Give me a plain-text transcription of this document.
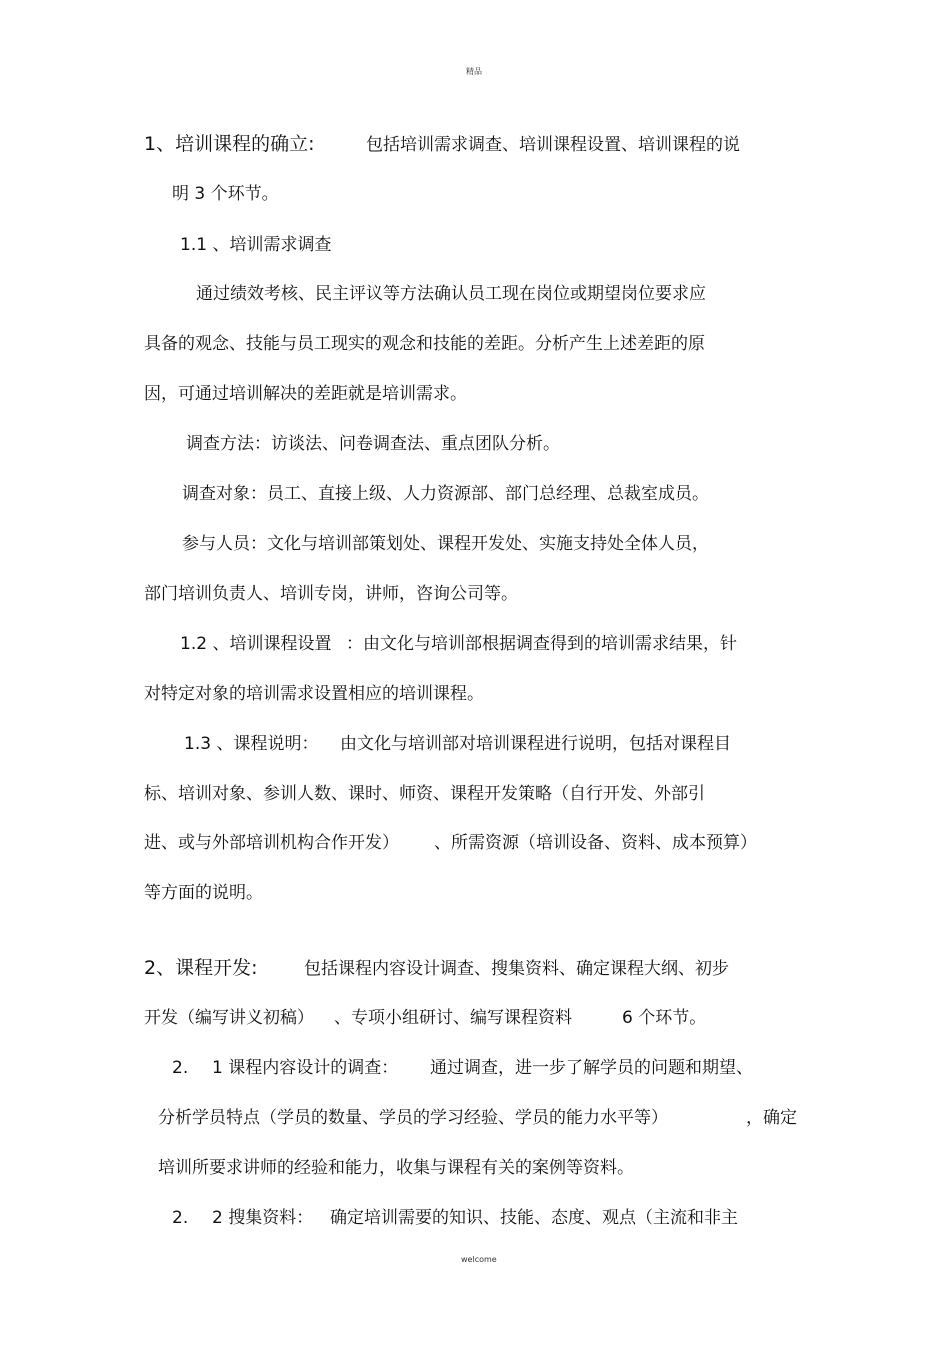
精品
1、培训课程的确立:	包括培训需求调查、培训课程设置、培训课程的说
明 3 个环节。
1.1 、培训需求调查
通过绩效考核、民主评议等方法确认员工现在岗位或期望岗位要求应
具备的观念、技能与员工现实的观念和技能的差距。分析产生上述差距的原
因，可通过培训解决的差距就是培训需求。
调查方法：访谈法、问卷调查法、重点团队分析。
调查对象：员工、直接上级、人力资源部、部门总经理、总裁室成员。
参与人员：文化与培训部策划处、课程开发处、实施支持处全体人员，
部门培训负责人、培训专岗，讲师，咨询公司等。
1.2 、培训课程设置 ：由文化与培训部根据调查得到的培训需求结果，针
对特定对象的培训需求设置相应的培训课程。
1.3 、课程说明： 由文化与培训部对培训课程进行说明，包括对课程目
标、培训对象、参训人数、课时、师资、课程开发策略（自行开发、外部引
进、或与外部培训机构合作开发） 、所需资源（培训设备、资料、成本预算）
等方面的说明。
2、课程开发:	包括课程内容设计调查、搜集资料、确定课程大纲、初步
开发（编写讲义初稿） 、专项小组研讨、编写课程资料	6 个环节。
2. 1 课程内容设计的调查： 通过调查，进一步了解学员的问题和期望、
分析学员特点（学员的数量、学员的学习经验、学员的能力水平等）	，确定
培训所要求讲师的经验和能力，收集与课程有关的案例等资料。
2. 2 搜集资料： 确定培训需要的知识、技能、态度、观点（主流和非主
welcome
